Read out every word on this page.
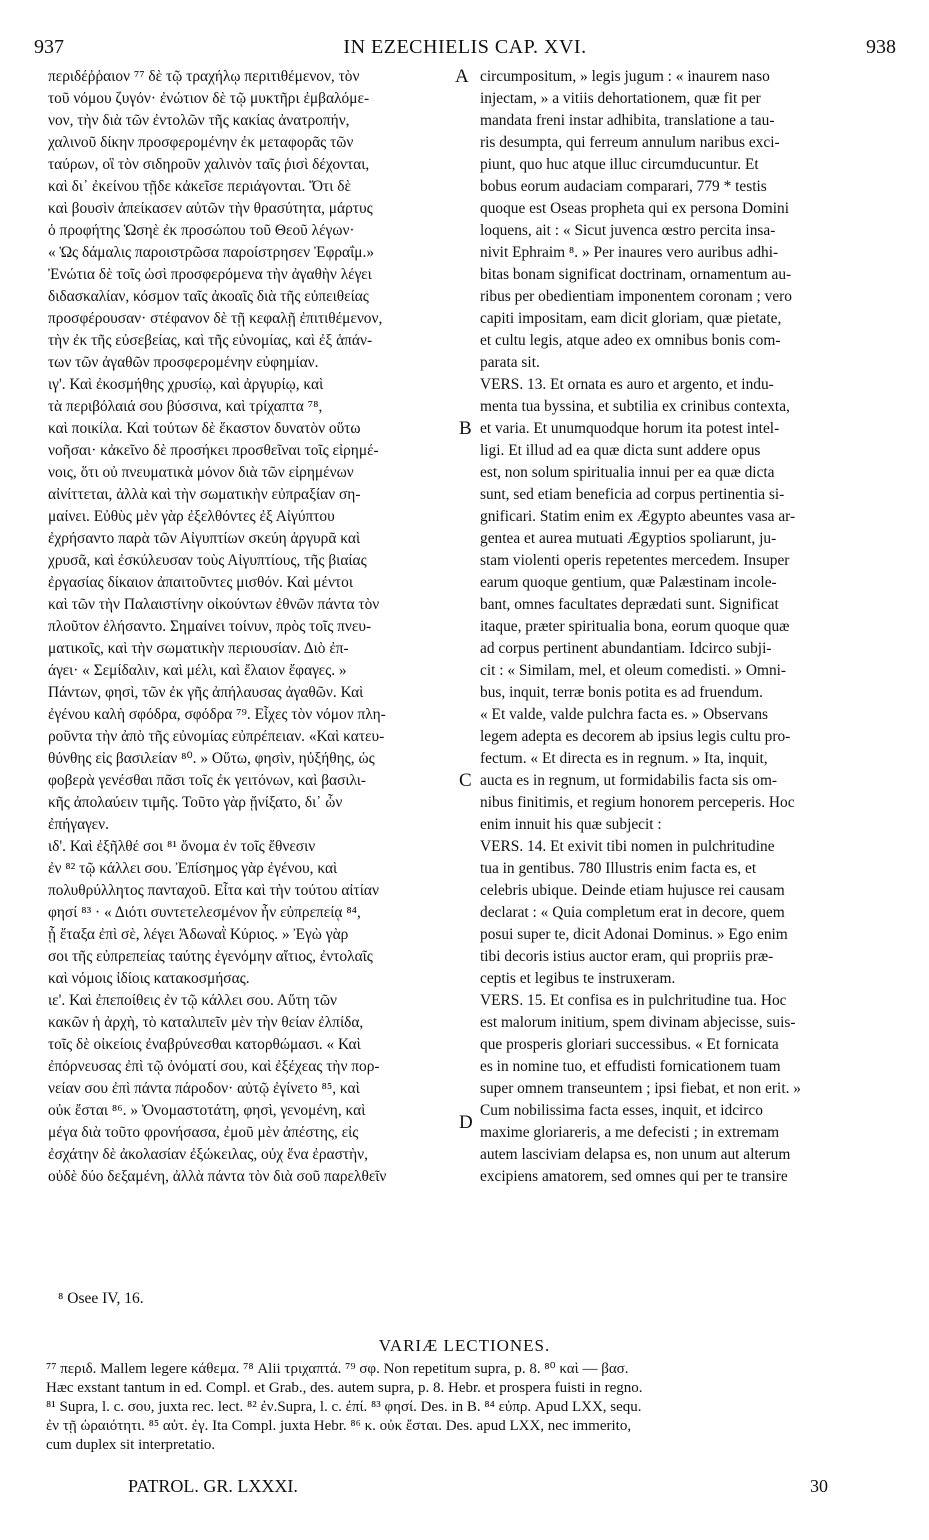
937	IN EZECHIELIS CAP. XVI.	938

περιδέῤῥαιον ⁷⁷ δὲ τῷ τραχήλῳ περιτιθέμενον, τὸν

τοῦ νόμου ζυγόν· ἐνώτιον δὲ τῷ μυκτῆρι ἐμβαλόμε-

νον, τὴν διὰ τῶν ἐντολῶν τῆς κακίας ἀνατροπήν,

χαλινοῦ δίκην προσφερομένην ἐκ μεταφορᾶς τῶν

ταύρων, οἳ τὸν σιδηροῦν χαλινὸν ταῖς ῥισὶ δέχονται,

καὶ δι᾿ ἐκείνου τῇδε κἀκεῖσε περιάγονται. Ὅτι δὲ

καὶ βουσὶν ἀπείκασεν αὐτῶν τὴν θρασύτητα, μάρτυς

ὁ προφήτης Ὡσηὲ ἐκ προσώπου τοῦ Θεοῦ λέγων·

« Ὡς δάμαλις παροιστρῶσα παροίστρησεν Ἐφραΐμ.»

Ἐνώτια δὲ τοῖς ὠσὶ προσφερόμενα τὴν ἀγαθὴν λέγει

διδασκαλίαν, κόσμον ταῖς ἀκοαῖς διὰ τῆς εὐπειθείας

προσφέρουσαν· στέφανον δὲ τῇ κεφαλῇ ἐπιτιθέμενον,

τὴν ἐκ τῆς εὐσεβείας, καὶ τῆς εὐνομίας, καὶ ἐξ ἁπάν-

των τῶν ἀγαθῶν προσφερομένην εὐφημίαν.

ιγ'. Καὶ ἐκοσμήθης χρυσίῳ, καὶ ἀργυρίῳ, καὶ

τὰ περιβόλαιά σου βύσσινα, καὶ τρίχαπτα ⁷⁸,

καὶ ποικίλα. Καὶ τούτων δὲ ἕκαστον δυνατὸν οὕτω

νοῆσαι· κἀκεῖνο δὲ προσήκει προσθεῖναι τοῖς εἰρημέ-

νοις, ὅτι οὐ πνευματικὰ μόνον διὰ τῶν εἰρημένων

αἰνίττεται, ἀλλὰ καὶ τὴν σωματικὴν εὐπραξίαν ση-

μαίνει. Εὐθὺς μὲν γὰρ ἐξελθόντες ἐξ Αἰγύπτου

ἐχρήσαντο παρὰ τῶν Αἰγυπτίων σκεύη ἀργυρᾶ καὶ

χρυσᾶ, καὶ ἐσκύλευσαν τοὺς Αἰγυπτίους, τῆς βιαίας

ἐργασίας δίκαιον ἀπαιτοῦντες μισθόν. Καὶ μέντοι

καὶ τῶν τὴν Παλαιστίνην οἰκούντων ἐθνῶν πάντα τὸν

πλοῦτον ἐλήσαντο. Σημαίνει τοίνυν, πρὸς τοῖς πνευ-

ματικοῖς, καὶ τὴν σωματικὴν περιουσίαν. Διὸ ἐπ-

άγει· « Σεμίδαλιν, καὶ μέλι, καὶ ἔλαιον ἔφαγες. »

Πάντων, φησὶ, τῶν ἐκ γῆς ἀπήλαυσας ἀγαθῶν. Καὶ

ἐγένου καλὴ σφόδρα, σφόδρα ⁷⁹. Εἶχες τὸν νόμον πλη-

ροῦντα τὴν ἀπὸ τῆς εὐνομίας εὐπρέπειαν. «Καὶ κατευ-

θύνθης εἰς βασιλείαν ⁸⁰. » Οὕτω, φησὶν, ηὐξήθης, ὡς

φοβερὰ γενέσθαι πᾶσι τοῖς ἐκ γειτόνων, καὶ βασιλι-

κῆς ἀπολαύειν τιμῆς. Τοῦτο γὰρ ᾔνίξατο, δι᾿ ὧν

ἐπήγαγεν.

ιδ'. Καὶ ἐξῆλθέ σοι ⁸¹ ὄνομα ἐν τοῖς ἔθνεσιν

ἐν ⁸² τῷ κάλλει σου. Ἐπίσημος γὰρ ἐγένου, καὶ

πολυθρύλλητος πανταχοῦ. Εἶτα καὶ τὴν τούτου αἰτίαν

φησί ⁸³ · « Διότι συντετελεσμένον ἦν εὐπρεπείᾳ ⁸⁴,

ᾗ ἔταξα ἐπὶ σὲ, λέγει Ἀδωναῒ Κύριος. » Ἐγὼ γὰρ

σοι τῆς εὐπρεπείας ταύτης ἐγενόμην αἴτιος, ἐντολαῖς

καὶ νόμοις ἰδίοις κατακοσμήσας.

ιε'. Καὶ ἐπεποίθεις ἐν τῷ κάλλει σου. Αὕτη τῶν

κακῶν ἡ ἀρχὴ, τὸ καταλιπεῖν μὲν τὴν θείαν ἐλπίδα,

τοῖς δὲ οἰκείοις ἐναβρύνεσθαι κατορθώμασι. « Καὶ

ἐπόρνευσας ἐπὶ τῷ ὀνόματί σου, καὶ ἐξέχεας τὴν πορ-

νείαν σου ἐπὶ πάντα πάροδον· αὐτῷ ἐγίνετο ⁸⁵, καὶ

οὐκ ἔσται ⁸⁶. » Ὀνομαστοτάτη, φησὶ, γενομένη, καὶ

μέγα διὰ τοῦτο φρονήσασα, ἐμοῦ μὲν ἀπέστης, εἰς

ἐσχάτην δὲ ἀκολασίαν ἐξώκειλας, οὐχ ἕνα ἐραστὴν,

οὐδὲ δύο δεξαμένη, ἀλλὰ πάντα τὸν διὰ σοῦ παρελθεῖν

circumpositum, » legis jugum : « inaurem naso

injectam, » a vitiis dehortationem, quæ fit per

mandata freni instar adhibita, translatione a tau-

ris desumpta, qui ferreum annulum naribus exci-

piunt, quo huc atque illuc circumducuntur. Et

bobus eorum audaciam comparari, 779 * testis

quoque est Oseas propheta qui ex persona Domini

loquens, ait : « Sicut juvenca œstro percita insa-

nivit Ephraim ⁸. » Per inaures vero auribus adhi-

bitas bonam significat doctrinam, ornamentum au-

ribus per obedientiam imponentem coronam ; vero

capiti impositam, eam dicit gloriam, quæ pietate,

et cultu legis, atque adeo ex omnibus bonis com-

parata sit.

VERS. 13. Et ornata es auro et argento, et indu-

menta tua byssina, et subtilia ex crinibus contexta,

et varia. Et unumquodque horum ita potest intel-

ligi. Et illud ad ea quæ dicta sunt addere opus

est, non solum spiritualia innui per ea quæ dicta

sunt, sed etiam beneficia ad corpus pertinentia si-

gnificari. Statim enim ex Ægypto abeuntes vasa ar-

gentea et aurea mutuati Ægyptios spoliarunt, ju-

stam violenti operis repetentes mercedem. Insuper

earum quoque gentium, quæ Palæstinam incole-

bant, omnes facultates deprædati sunt. Significat

itaque, præter spiritualia bona, eorum quoque quæ

ad corpus pertinent abundantiam. Idcirco subji-

cit : « Similam, mel, et oleum comedisti. » Omni-

bus, inquit, terræ bonis potita es ad fruendum.

« Et valde, valde pulchra facta es. » Observans

legem adepta es decorem ab ipsius legis cultu pro-

fectum. « Et directa es in regnum. » Ita, inquit,

aucta es in regnum, ut formidabilis facta sis om-

nibus finitimis, et regium honorem perceperis. Hoc

enim innuit his quæ subjecit :

VERS. 14. Et exivit tibi nomen in pulchritudine

tua in gentibus. 780 Illustris enim facta es, et

celebris ubique. Deinde etiam hujusce rei causam

declarat : « Quia completum erat in decore, quem

posui super te, dicit Adonai Dominus. » Ego enim

tibi decoris istius auctor eram, qui propriis præ-

ceptis et legibus te instruxeram.

VERS. 15. Et confisa es in pulchritudine tua. Hoc

est malorum initium, spem divinam abjecisse, suis-

que prosperis gloriari successibus. « Et fornicata

es in nomine tuo, et effudisti fornicationem tuam

super omnem transeuntem ; ipsi fiebat, et non erit. »

Cum nobilissima facta esses, inquit, et idcirco

maxime gloriareris, a me defecisti ; in extremam

autem lasciviam delapsa es, non unum aut alterum

excipiens amatorem, sed omnes qui per te transire

A
B
C
D
⁸ Osee IV, 16.
VARIÆ LECTIONES.

⁷⁷ περιδ. Mallem legere κάθεμα. ⁷⁸ Alii τριχαπτά. ⁷⁹ σφ. Non repetitum supra, p. 8. ⁸⁰ καὶ — βασ.

Hæc exstant tantum in ed. Compl. et Grab., des. autem supra, p. 8. Hebr. et prospera fuisti in regno.

⁸¹ Supra, l. c. σου, juxta rec. lect. ⁸² ἐν.Supra, l. c. ἐπί. ⁸³ φησί. Des. in B. ⁸⁴ εὐπρ. Apud LXX, sequ.

ἐν τῇ ὡραιότητι. ⁸⁵ αὐτ. ἐγ. Ita Compl. juxta Hebr. ⁸⁶ κ. οὐκ ἔσται. Des. apud LXX, nec immerito,

cum duplex sit interpretatio.

PATROL. GR. LXXXI.	30
